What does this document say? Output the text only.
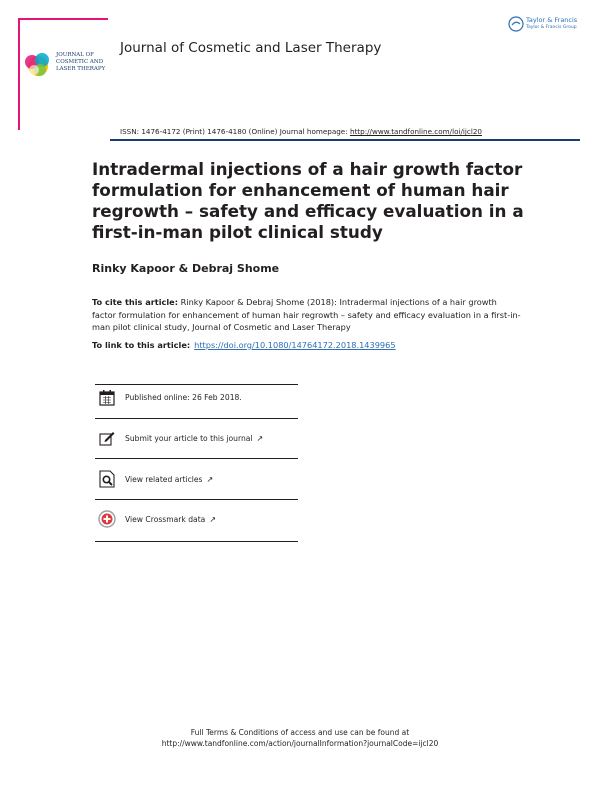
JOURNAL OF
COSMETIC AND
LASER THERAPY
Taylor & Francis
Taylor & Francis Group
Journal of Cosmetic and Laser Therapy
ISSN: 1476-4172 (Print) 1476-4180 (Online) Journal homepage: http://www.tandfonline.com/loi/ijcl20
Intradermal injections of a hair growth factor formulation for enhancement of human hair regrowth – safety and efficacy evaluation in a first-in-man pilot clinical study
Rinky Kapoor & Debraj Shome
To cite this article: Rinky Kapoor & Debraj Shome (2018): Intradermal injections of a hair growth factor formulation for enhancement of human hair regrowth – safety and efficacy evaluation in a first-in-man pilot clinical study, Journal of Cosmetic and Laser Therapy
To link to this article: https://doi.org/10.1080/14764172.2018.1439965
Published online: 26 Feb 2018.
Submit your article to this journal ↗
View related articles ↗
View Crossmark data ↗
Full Terms & Conditions of access and use can be found at
http://www.tandfonline.com/action/journalInformation?journalCode=ijcl20
